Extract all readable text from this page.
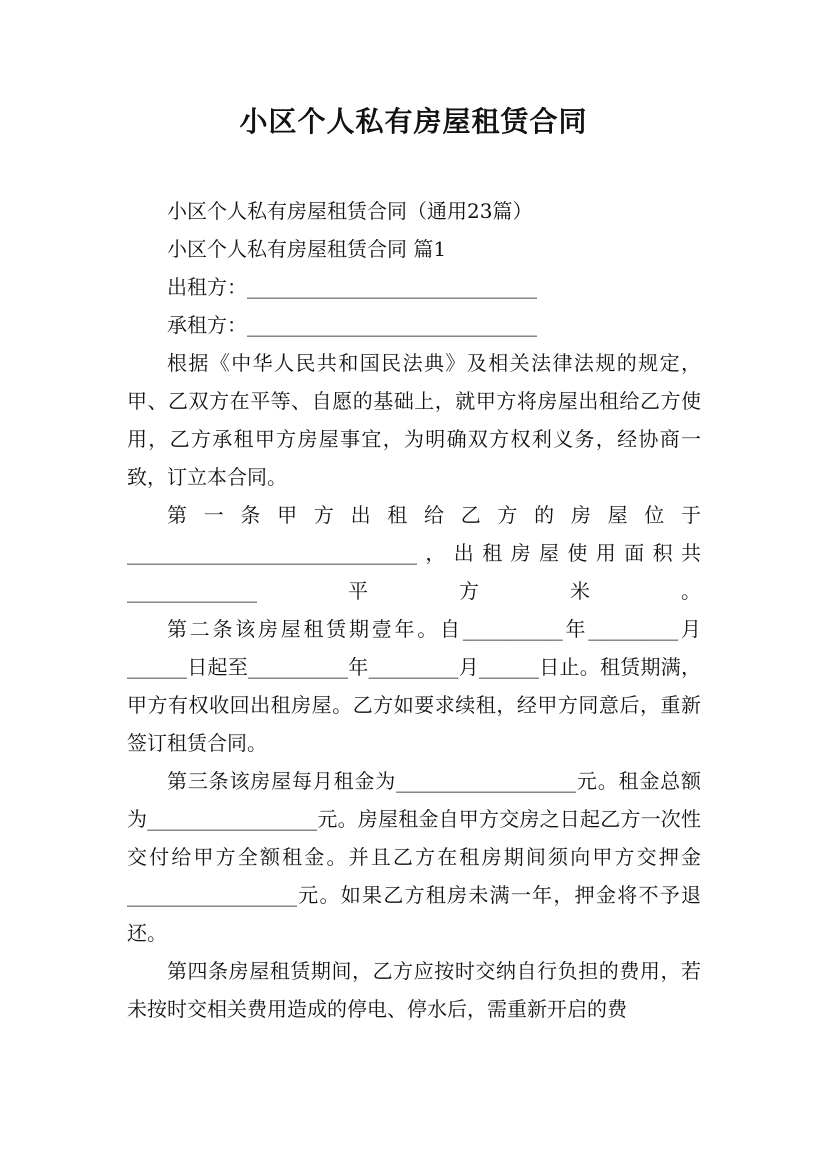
小区个人私有房屋租赁合同

小区个人私有房屋租赁合同（通用23篇）

小区个人私有房屋租赁合同 篇1

出租方：_____________________________

承租方：_____________________________

根据《中华人民共和国民法典》及相关法律法规的规定，甲、乙双方在平等、自愿的基础上，就甲方将房屋出租给乙方使用，乙方承租甲方房屋事宜，为明确双方权利义务，经协商一致，订立本合同。

第一条甲方出租给乙方的房屋位于_____________________________，出租房屋使用面积共_____________平方米。

第二条该房屋租赁期壹年。自__________年_________月______日起至__________年_________月______日止。租赁期满，甲方有权收回出租房屋。乙方如要求续租，经甲方同意后，重新签订租赁合同。

第三条该房屋每月租金为__________________元。租金总额为_________________元。房屋租金自甲方交房之日起乙方一次性交付给甲方全额租金。并且乙方在租房期间须向甲方交押金_________________元。如果乙方租房未满一年，押金将不予退还。

第四条房屋租赁期间，乙方应按时交纳自行负担的费用，若未按时交相关费用造成的停电、停水后，需重新开启的费
